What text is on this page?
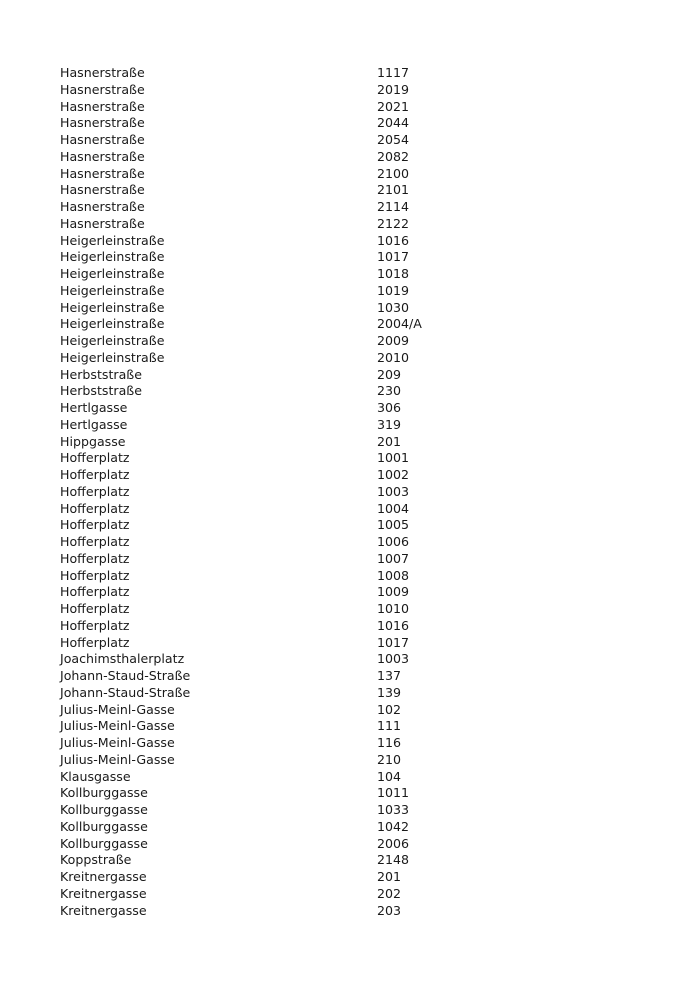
Hasnerstraße	1117
Hasnerstraße	2019
Hasnerstraße	2021
Hasnerstraße	2044
Hasnerstraße	2054
Hasnerstraße	2082
Hasnerstraße	2100
Hasnerstraße	2101
Hasnerstraße	2114
Hasnerstraße	2122
Heigerleinstraße	1016
Heigerleinstraße	1017
Heigerleinstraße	1018
Heigerleinstraße	1019
Heigerleinstraße	1030
Heigerleinstraße	2004/A
Heigerleinstraße	2009
Heigerleinstraße	2010
Herbststraße	209
Herbststraße	230
Hertlgasse	306
Hertlgasse	319
Hippgasse	201
Hofferplatz	1001
Hofferplatz	1002
Hofferplatz	1003
Hofferplatz	1004
Hofferplatz	1005
Hofferplatz	1006
Hofferplatz	1007
Hofferplatz	1008
Hofferplatz	1009
Hofferplatz	1010
Hofferplatz	1016
Hofferplatz	1017
Joachimsthalerplatz	1003
Johann-Staud-Straße	137
Johann-Staud-Straße	139
Julius-Meinl-Gasse	102
Julius-Meinl-Gasse	111
Julius-Meinl-Gasse	116
Julius-Meinl-Gasse	210
Klausgasse	104
Kollburggasse	1011
Kollburggasse	1033
Kollburggasse	1042
Kollburggasse	2006
Koppstraße	2148
Kreitnergasse	201
Kreitnergasse	202
Kreitnergasse	203
